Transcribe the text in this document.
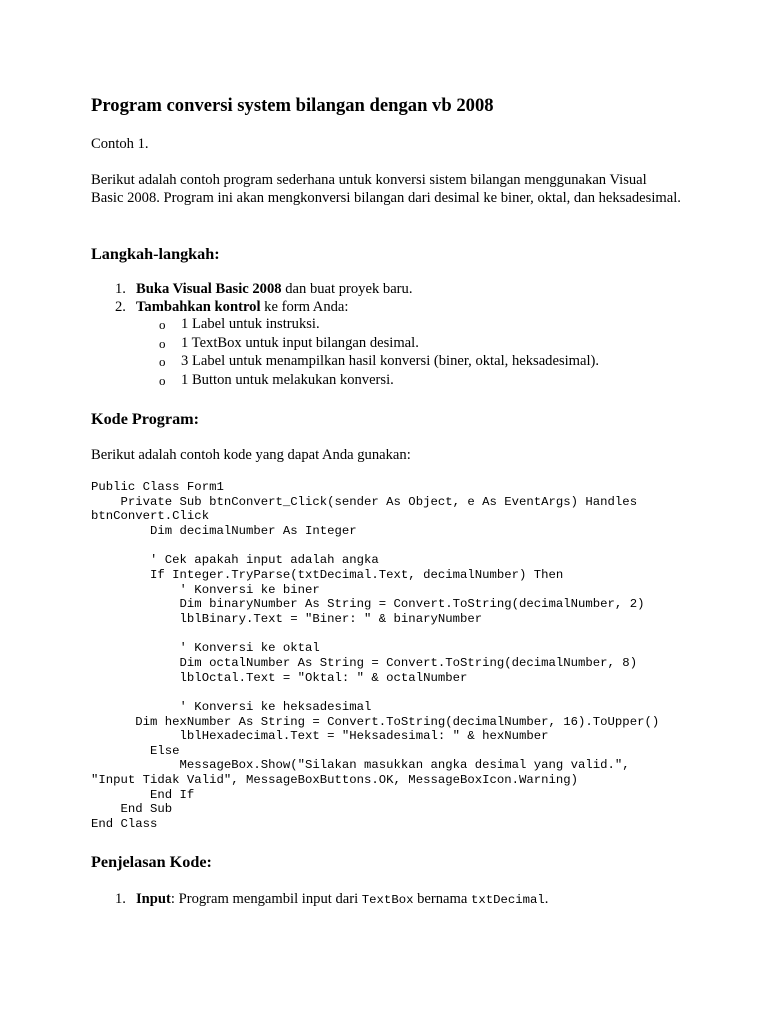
Program conversi system bilangan dengan vb 2008

Contoh 1.

Berikut adalah contoh program sederhana untuk konversi sistem bilangan menggunakan Visual Basic 2008. Program ini akan mengkonversi bilangan dari desimal ke biner, oktal, dan heksadesimal.

Langkah-langkah:
1. Buka Visual Basic 2008 dan buat proyek baru.
2. Tambahkan kontrol ke form Anda:
o 1 Label untuk instruksi.
o 1 TextBox untuk input bilangan desimal.
o 3 Label untuk menampilkan hasil konversi (biner, oktal, heksadesimal).
o 1 Button untuk melakukan konversi.
Kode Program:

Berikut adalah contoh kode yang dapat Anda gunakan:

Public Class Form1
Private Sub btnConvert_Click(sender As Object, e As EventArgs) Handles
btnConvert.Click
Dim decimalNumber As Integer

' Cek apakah input adalah angka
If Integer.TryParse(txtDecimal.Text, decimalNumber) Then
' Konversi ke biner
Dim binaryNumber As String = Convert.ToString(decimalNumber, 2)
lblBinary.Text = "Biner: " & binaryNumber

' Konversi ke oktal
Dim octalNumber As String = Convert.ToString(decimalNumber, 8)
lblOctal.Text = "Oktal: " & octalNumber

' Konversi ke heksadesimal
Dim hexNumber As String = Convert.ToString(decimalNumber, 16).ToUpper()
lblHexadecimal.Text = "Heksadesimal: " & hexNumber
Else
MessageBox.Show("Silakan masukkan angka desimal yang valid.",
"Input Tidak Valid", MessageBoxButtons.OK, MessageBoxIcon.Warning)
End If
End Sub
End Class
Penjelasan Kode:
1. Input: Program mengambil input dari TextBox bernama txtDecimal.
